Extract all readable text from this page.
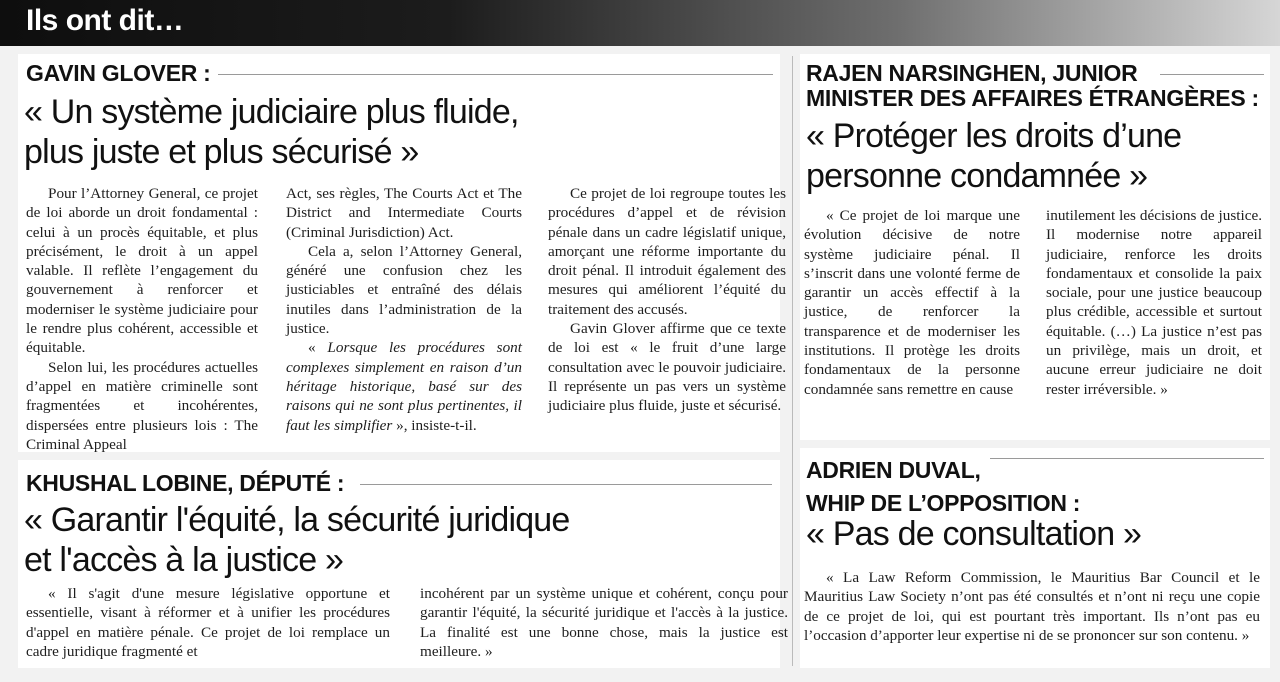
Ils ont dit…
GAVIN GLOVER :
« Un système judiciaire plus fluide,
plus juste et plus sécurisé »

Pour l’Attorney General, ce projet de loi aborde un droit fondamental : celui à un procès équitable, et plus précisément, le droit à un appel valable. Il reflète l’engagement du gouvernement à renforcer et moderniser le système judiciaire pour le rendre plus cohérent, accessible et équitable.

Selon lui, les procédures actuelles d’appel en matière criminelle sont fragmentées et incohérentes, dispersées entre plusieurs lois : The Criminal Appeal

Act, ses règles, The Courts Act et The District and Intermediate Courts (Criminal Jurisdiction) Act.

Cela a, selon l’Attorney General, généré une confusion chez les justiciables et entraîné des délais inutiles dans l’administration de la justice.

« Lorsque les procédures sont complexes simplement en raison d’un héritage historique, basé sur des raisons qui ne sont plus pertinentes, il faut les simplifier », insiste-t-il.

Ce projet de loi regroupe toutes les procédures d’appel et de révision pénale dans un cadre législatif unique, amorçant une réforme importante du droit pénal. Il introduit également des mesures qui améliorent l’équité du traitement des accusés.

Gavin Glover affirme que ce texte de loi est « le fruit d’une large consultation avec le pouvoir judiciaire. Il représente un pas vers un système judiciaire plus fluide, juste et sécurisé.

KHUSHAL LOBINE, DÉPUTÉ :
« Garantir l'équité, la sécurité juridique
et l'accès à la justice »

« Il s'agit d'une mesure législative opportune et essentielle, visant à réformer et à unifier les procédures d'appel en matière pénale. Ce projet de loi remplace un cadre juridique fragmenté et

incohérent par un système unique et cohérent, conçu pour garantir l'équité, la sécurité juridique et l'accès à la justice. La finalité est une bonne chose, mais la justice est meilleure. »

RAJEN NARSINGHEN, JUNIOR
MINISTER DES AFFAIRES ÉTRANGÈRES :
« Protéger les droits d’une
personne condamnée »

« Ce projet de loi marque une évolution décisive de notre système judiciaire pénal. Il s’inscrit dans une volonté ferme de garantir un accès effectif à la justice, de renforcer la transparence et de moderniser les institutions. Il protège les droits fondamentaux de la personne condamnée sans remettre en cause

inutilement les décisions de justice. Il modernise notre appareil judiciaire, renforce les droits fondamentaux et consolide la paix sociale, pour une justice beaucoup plus crédible, accessible et surtout équitable. (…) La justice n’est pas un privilège, mais un droit, et aucune erreur judiciaire ne doit rester irréversible. »

ADRIEN DUVAL,
WHIP DE L’OPPOSITION :
« Pas de consultation »

« La Law Reform Commission, le Mauritius Bar Council et le Mauritius Law Society n’ont pas été consultés et n’ont ni reçu une copie de ce projet de loi, qui est pourtant très important. Ils n’ont pas eu l’occasion d’apporter leur expertise ni de se prononcer sur son contenu. »
